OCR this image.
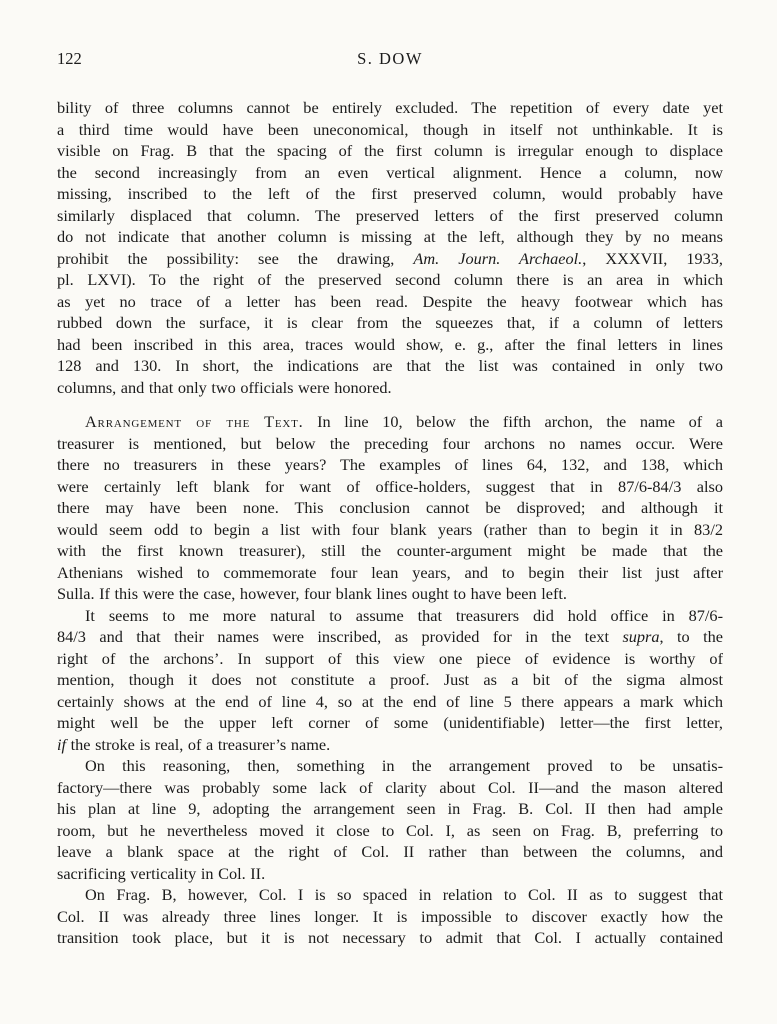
122	S. DOW
bility of three columns cannot be entirely excluded. The repetition of every date yet
a third time would have been uneconomical, though in itself not unthinkable. It is
visible on Frag. B that the spacing of the first column is irregular enough to displace
the second increasingly from an even vertical alignment. Hence a column, now
missing, inscribed to the left of the first preserved column, would probably have
similarly displaced that column. The preserved letters of the first preserved column
do not indicate that another column is missing at the left, although they by no means
prohibit the possibility: see the drawing, Am. Journ. Archaeol., XXXVII, 1933,
pl. LXVI). To the right of the preserved second column there is an area in which
as yet no trace of a letter has been read. Despite the heavy footwear which has
rubbed down the surface, it is clear from the squeezes that, if a column of letters
had been inscribed in this area, traces would show, e. g., after the final letters in lines
128 and 130. In short, the indications are that the list was contained in only two
columns, and that only two officials were honored.
Arrangement of the Text. In line 10, below the fifth archon, the name of a
treasurer is mentioned, but below the preceding four archons no names occur. Were
there no treasurers in these years? The examples of lines 64, 132, and 138, which
were certainly left blank for want of office-holders, suggest that in 87/6-84/3 also
there may have been none. This conclusion cannot be disproved; and although it
would seem odd to begin a list with four blank years (rather than to begin it in 83/2
with the first known treasurer), still the counter-argument might be made that the
Athenians wished to commemorate four lean years, and to begin their list just after
Sulla. If this were the case, however, four blank lines ought to have been left.
It seems to me more natural to assume that treasurers did hold office in 87/6-
84/3 and that their names were inscribed, as provided for in the text supra, to the
right of the archons’. In support of this view one piece of evidence is worthy of
mention, though it does not constitute a proof. Just as a bit of the sigma almost
certainly shows at the end of line 4, so at the end of line 5 there appears a mark which
might well be the upper left corner of some (unidentifiable) letter—the first letter,
if the stroke is real, of a treasurer’s name.
On this reasoning, then, something in the arrangement proved to be unsatis-
factory—there was probably some lack of clarity about Col. II—and the mason altered
his plan at line 9, adopting the arrangement seen in Frag. B. Col. II then had ample
room, but he nevertheless moved it close to Col. I, as seen on Frag. B, preferring to
leave a blank space at the right of Col. II rather than between the columns, and
sacrificing verticality in Col. II.
On Frag. B, however, Col. I is so spaced in relation to Col. II as to suggest that
Col. II was already three lines longer. It is impossible to discover exactly how the
transition took place, but it is not necessary to admit that Col. I actually contained
